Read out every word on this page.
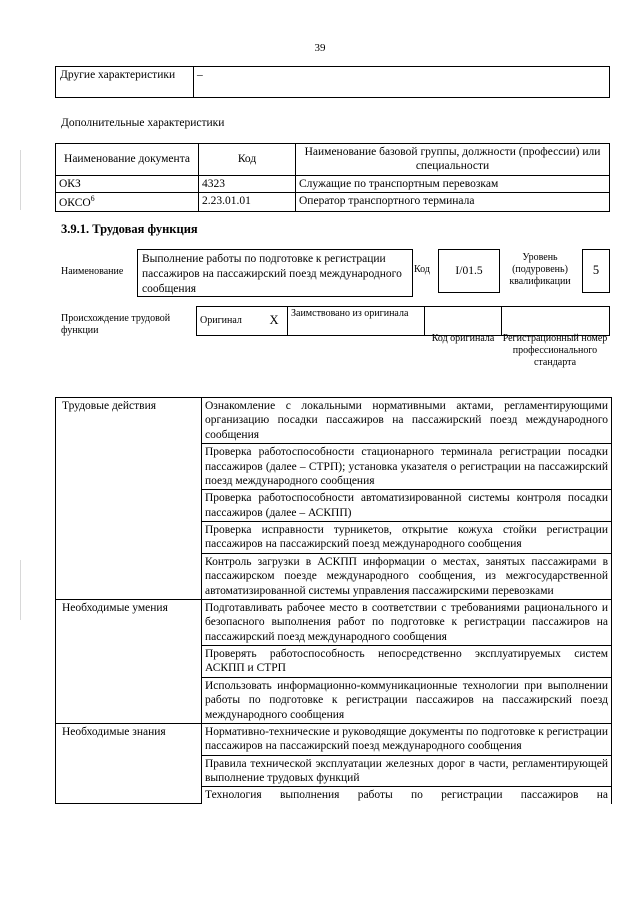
39
Другие характеристики	–
Дополнительные характеристики
Наименование документа	Код	Наименование базовой группы, должности (профессии) или специальности
ОКЗ	4323	Служащие по транспортным перевозкам
ОКСО$^6$	2.23.01.01	Оператор транспортного терминала
3.9.1. Трудовая функция
Наименование
Выполнение работы по подготовке к регистрации пассажиров на пассажирский поезд международного сообщения
Код	I/01.5
Уровень (подуровень) квалификации
5
Происхождение трудовой функции
Оригинал	Х	Заимствовано из оригинала		
Код оригинала Регистрационный номер профессионального стандарта
Трудовые действия	Ознакомление с локальными нормативными актами, регламентирующими организацию посадки пассажиров на пассажирский поезд международного сообщения
	Проверка работоспособности стационарного терминала регистрации посадки пассажиров (далее – СТРП); установка указателя о регистрации на пассажирский поезд международного сообщения
	Проверка работоспособности автоматизированной системы контроля посадки пассажиров (далее – АСКПП)
	Проверка исправности турникетов, открытие кожуха стойки регистрации пассажиров на пассажирский поезд международного сообщения
	Контроль загрузки в АСКПП информации о местах, занятых пассажирами в пассажирском поезде международного сообщения, из межгосударственной автоматизированной системы управления пассажирскими перевозками
Необходимые умения	Подготавливать рабочее место в соответствии с требованиями рационального и безопасного выполнения работ по подготовке к регистрации пассажиров на пассажирский поезд международного сообщения
	Проверять работоспособность непосредственно эксплуатируемых систем АСКПП и СТРП
	Использовать информационно-коммуникационные технологии при выполнении работы по подготовке к регистрации пассажиров на пассажирский поезд международного сообщения
Необходимые знания	Нормативно-технические и руководящие документы по подготовке к регистрации пассажиров на пассажирский поезд международного сообщения
	Правила технической эксплуатации железных дорог в части, регламентирующей выполнение трудовых функций
	Технология выполнения работы по регистрации пассажиров на
